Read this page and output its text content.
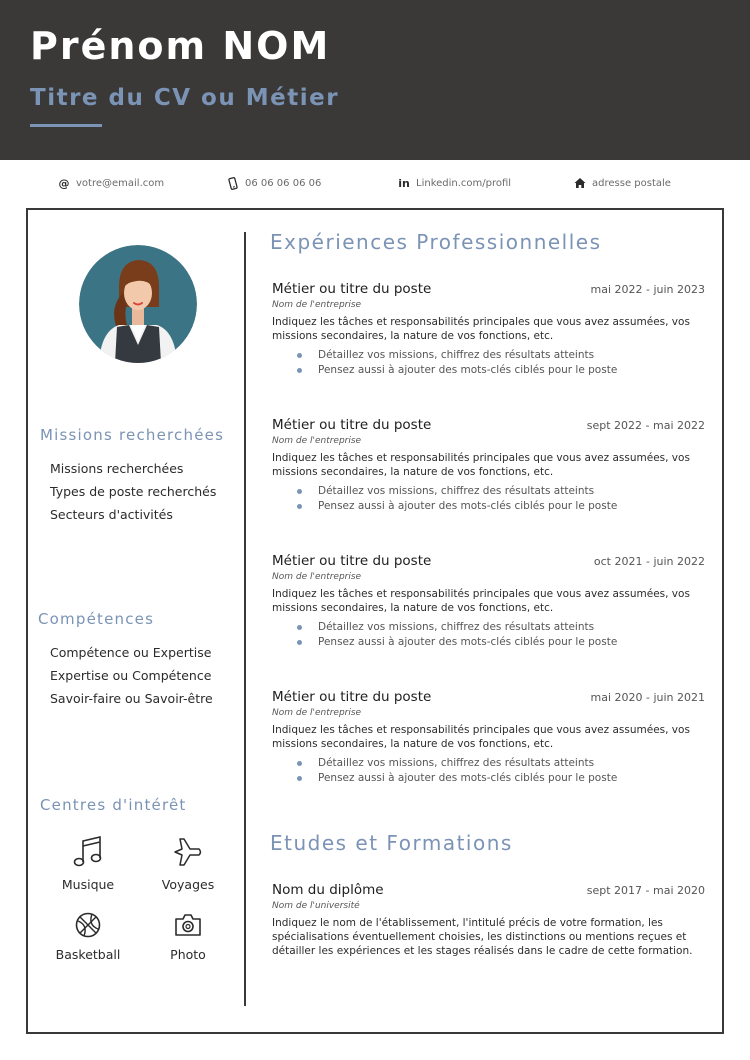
Prénom NOM
Titre du CV ou Métier
@ votre@email.com	06 06 06 06 06	in Linkedin.com/profil	adresse postale
Missions recherchées
Missions recherchées
Types de poste recherchés
Secteurs d'activités
Compétences
Compétence ou Expertise
Expertise ou Compétence
Savoir-faire ou Savoir-être
Centres d'intérêt
Musique	Voyages
Basketball	Photo
Expériences Professionnelles
Métier ou titre du poste	mai 2022 - juin 2023
Nom de l'entreprise
Indiquez les tâches et responsabilités principales que vous avez assumées, vos missions secondaires, la nature de vos fonctions, etc.
Détaillez vos missions, chiffrez des résultats atteints
Pensez aussi à ajouter des mots-clés ciblés pour le poste
Métier ou titre du poste	sept 2022 - mai 2022
Nom de l'entreprise
Indiquez les tâches et responsabilités principales que vous avez assumées, vos missions secondaires, la nature de vos fonctions, etc.
Détaillez vos missions, chiffrez des résultats atteints
Pensez aussi à ajouter des mots-clés ciblés pour le poste
Métier ou titre du poste	oct 2021 - juin 2022
Nom de l'entreprise
Indiquez les tâches et responsabilités principales que vous avez assumées, vos missions secondaires, la nature de vos fonctions, etc.
Détaillez vos missions, chiffrez des résultats atteints
Pensez aussi à ajouter des mots-clés ciblés pour le poste
Métier ou titre du poste	mai 2020 - juin 2021
Nom de l'entreprise
Indiquez les tâches et responsabilités principales que vous avez assumées, vos missions secondaires, la nature de vos fonctions, etc.
Détaillez vos missions, chiffrez des résultats atteints
Pensez aussi à ajouter des mots-clés ciblés pour le poste
Etudes et Formations
Nom du diplôme	sept 2017 - mai 2020
Nom de l'université
Indiquez le nom de l'établissement, l'intitulé précis de votre formation, les spécialisations éventuellement choisies, les distinctions ou mentions reçues et détailler les expériences et les stages réalisés dans le cadre de cette formation.
